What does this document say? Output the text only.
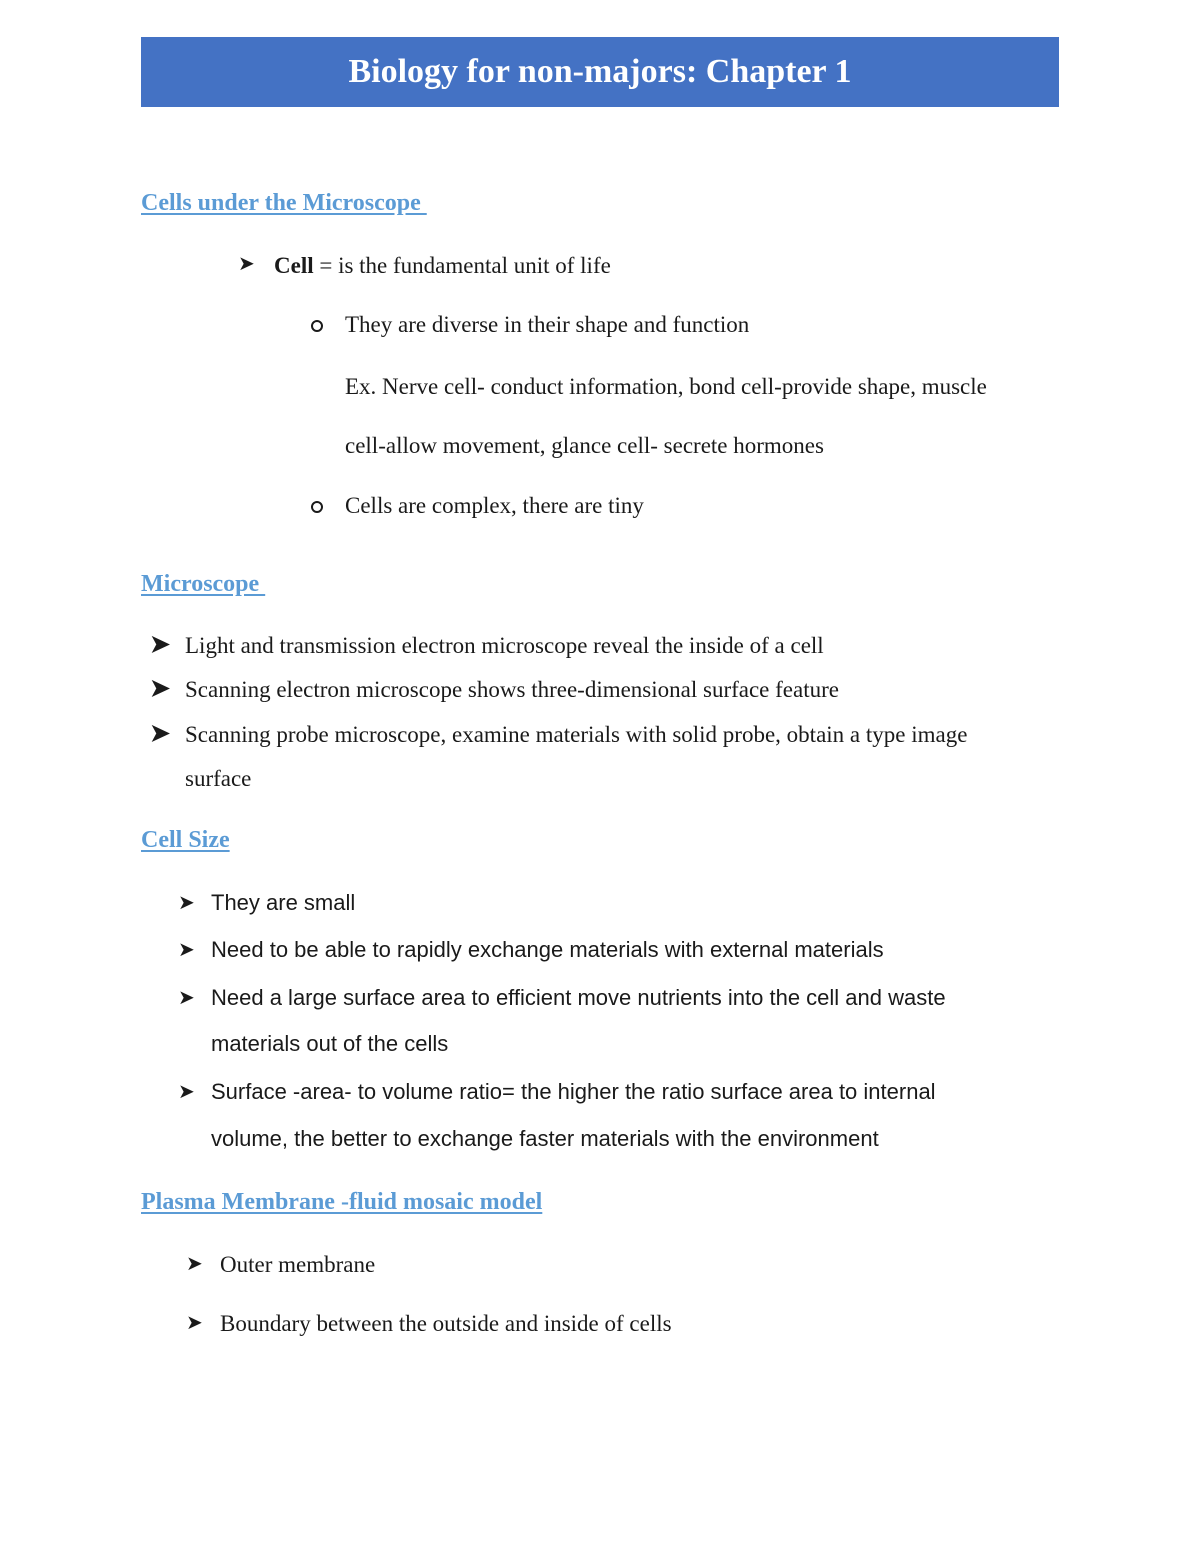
Biology for non-majors: Chapter 1
Cells under the Microscope
➤ Cell = is the fundamental unit of life
They are diverse in their shape and function
Ex. Nerve cell- conduct information, bond cell-provide shape, muscle
cell-allow movement, glance cell- secrete hormones
Cells are complex, there are tiny
Microscope
➤ Light and transmission electron microscope reveal the inside of a cell
➤ Scanning electron microscope shows three-dimensional surface feature
➤ Scanning probe microscope, examine materials with solid probe, obtain a type image
surface
Cell Size
➤ They are small
➤ Need to be able to rapidly exchange materials with external materials
➤ Need a large surface area to efficient move nutrients into the cell and waste
materials out of the cells
➤ Surface -area- to volume ratio= the higher the ratio surface area to internal
volume, the better to exchange faster materials with the environment
Plasma Membrane -fluid mosaic model
➤ Outer membrane
➤ Boundary between the outside and inside of cells
